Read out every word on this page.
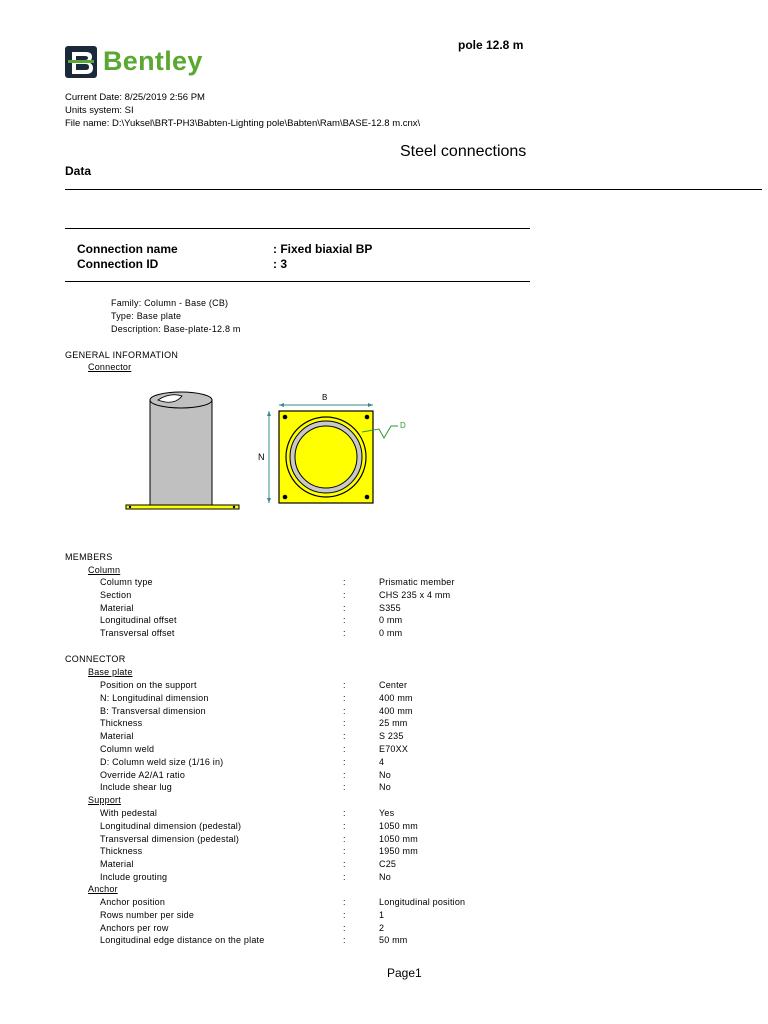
Bentley
pole 12.8 m
Current Date: 8/25/2019 2:56 PM
Units system: SI
File name: D:\Yuksel\BRT-PH3\Babten-Lighting pole\Babten\Ram\BASE-12.8 m.cnx\
Steel connections
Data
Connection name	: Fixed biaxial BP
Connection ID	: 3
Family: Column - Base (CB)
Type: Base plate
Description: Base-plate-12.8 m
GENERAL INFORMATION
Connector
B
N
D
MEMBERS
Column
Column type	:	Prismatic member
Section	:	CHS 235 x 4 mm
Material	:	S355
Longitudinal offset	:	0 mm
Transversal offset	:	0 mm
CONNECTOR
Base plate
Position on the support	:	Center
N: Longitudinal dimension	:	400 mm
B: Transversal dimension	:	400 mm
Thickness	:	25 mm
Material	:	S 235
Column weld	:	E70XX
D: Column weld size (1/16 in)	:	4
Override A2/A1 ratio	:	No
Include shear lug	:	No
Support
With pedestal	:	Yes
Longitudinal dimension (pedestal)	:	1050 mm
Transversal dimension (pedestal)	:	1050 mm
Thickness	:	1950 mm
Material	:	C25
Include grouting	:	No
Anchor
Anchor position	:	Longitudinal position
Rows number per side	:	1
Anchors per row	:	2
Longitudinal edge distance on the plate	:	50 mm
Page1
